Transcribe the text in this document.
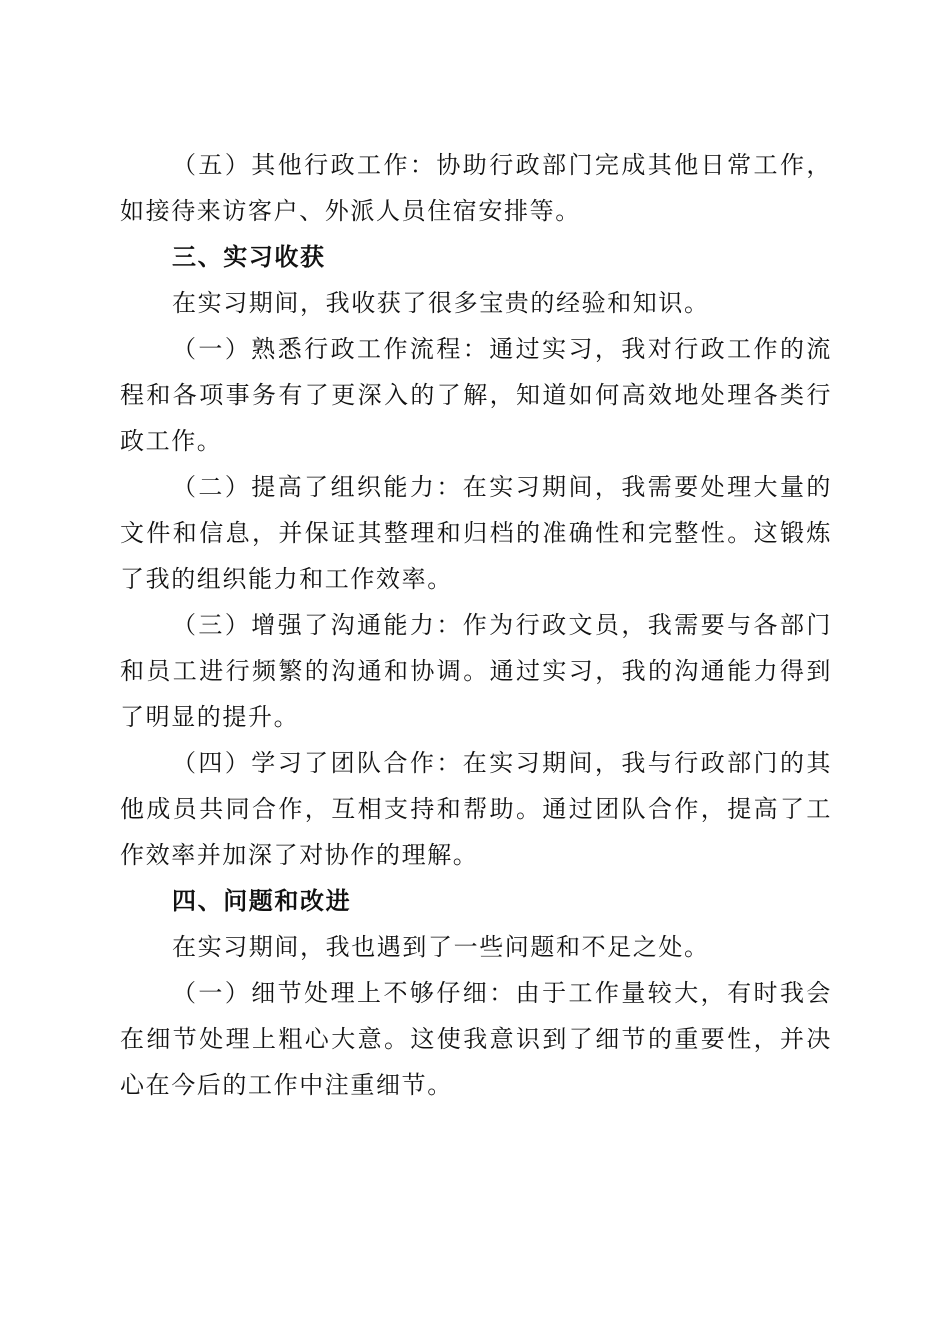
（五）其他行政工作：协助行政部门完成其他日常工作，如接待来访客户、外派人员住宿安排等。

三、实习收获

在实习期间，我收获了很多宝贵的经验和知识。

（一）熟悉行政工作流程：通过实习，我对行政工作的流程和各项事务有了更深入的了解，知道如何高效地处理各类行政工作。

（二）提高了组织能力：在实习期间，我需要处理大量的文件和信息，并保证其整理和归档的准确性和完整性。这锻炼了我的组织能力和工作效率。

（三）增强了沟通能力：作为行政文员，我需要与各部门和员工进行频繁的沟通和协调。通过实习，我的沟通能力得到了明显的提升。

（四）学习了团队合作：在实习期间，我与行政部门的其他成员共同合作，互相支持和帮助。通过团队合作，提高了工作效率并加深了对协作的理解。

四、问题和改进

在实习期间，我也遇到了一些问题和不足之处。

（一）细节处理上不够仔细：由于工作量较大，有时我会在细节处理上粗心大意。这使我意识到了细节的重要性，并决心在今后的工作中注重细节。
